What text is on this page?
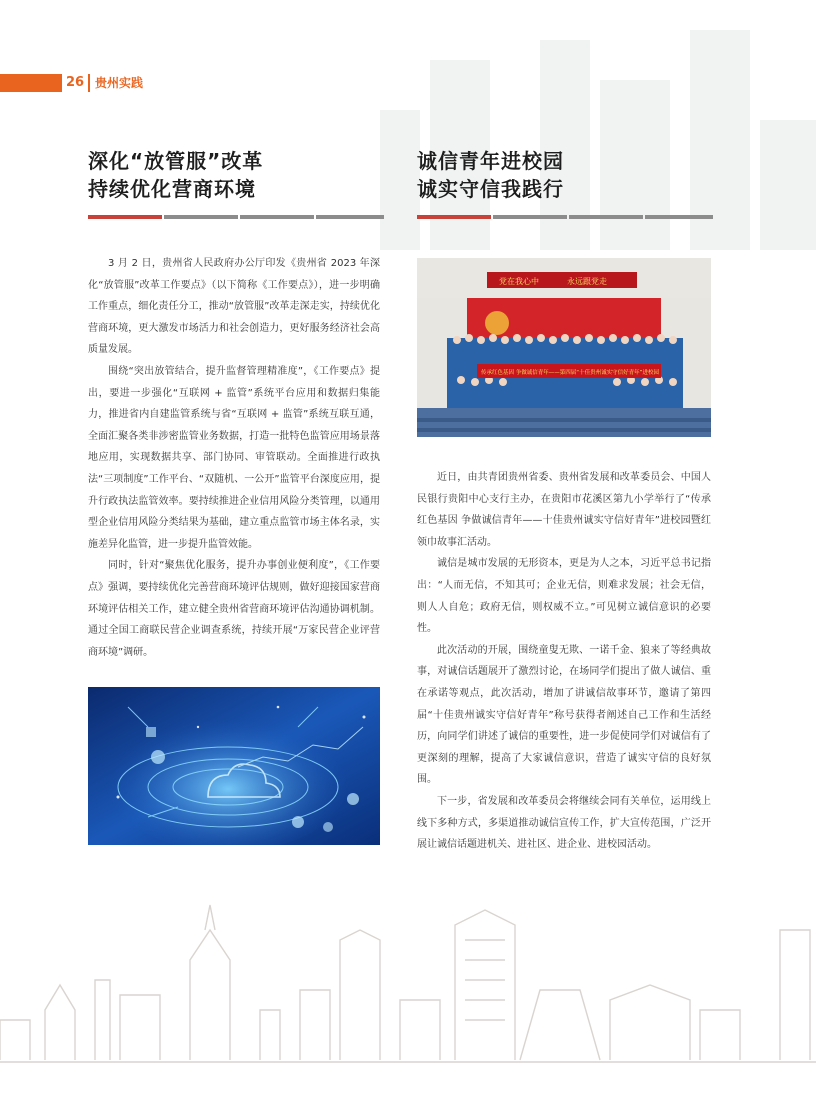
26 贵州实践
深化“放管服”改革
持续优化营商环境

3 月 2 日，贵州省人民政府办公厅印发《贵州省 2023 年深化“放管服”改革工作要点》（以下简称《工作要点》），进一步明确工作重点，细化责任分工，推动“放管服”改革走深走实，持续优化营商环境，更大激发市场活力和社会创造力，更好服务经济社会高质量发展。

围绕“突出放管结合，提升监督管理精准度”，《工作要点》提出，要进一步强化“互联网 + 监管”系统平台应用和数据归集能力，推进省内自建监管系统与省“互联网 + 监管”系统互联互通，全面汇聚各类非涉密监管业务数据，打造一批特色监管应用场景落地应用，实现数据共享、部门协同、审管联动。全面推进行政执法“三项制度”工作平台、“双随机、一公开”监管平台深度应用，提升行政执法监管效率。要持续推进企业信用风险分类管理，以通用型企业信用风险分类结果为基础，建立重点监管市场主体名录，实施差异化监管，进一步提升监管效能。

同时，针对“聚焦优化服务，提升办事创业便利度”，《工作要点》强调，要持续优化完善营商环境评估规则，做好迎接国家营商环境评估相关工作，建立健全贵州省营商环境评估沟通协调机制。通过全国工商联民营企业调查系统，持续开展“万家民营企业评营商环境”调研。

诚信青年进校园
诚实守信我践行
党在我心中	永远跟党走
传承红色基因 争做诚信青年——第四届“十佳贵州诚实守信好青年”进校园

近日，由共青团贵州省委、贵州省发展和改革委员会、中国人民银行贵阳中心支行主办，在贵阳市花溪区第九小学举行了“传承红色基因 争做诚信青年——十佳贵州诚实守信好青年”进校园暨红领巾故事汇活动。

诚信是城市发展的无形资本，更是为人之本，习近平总书记指出：“人而无信，不知其可；企业无信，则难求发展；社会无信，则人人自危；政府无信，则权威不立。”可见树立诚信意识的必要性。

此次活动的开展，围绕童叟无欺、一诺千金、狼来了等经典故事，对诚信话题展开了激烈讨论，在场同学们提出了做人诚信、重在承诺等观点，此次活动，增加了讲诚信故事环节，邀请了第四届“十佳贵州诚实守信好青年”称号获得者阐述自己工作和生活经历，向同学们讲述了诚信的重要性，进一步促使同学们对诚信有了更深刻的理解，提高了大家诚信意识，营造了诚实守信的良好氛围。

下一步，省发展和改革委员会将继续会同有关单位，运用线上线下多种方式，多渠道推动诚信宣传工作，扩大宣传范围，广泛开展让诚信话题进机关、进社区、进企业、进校园活动。
